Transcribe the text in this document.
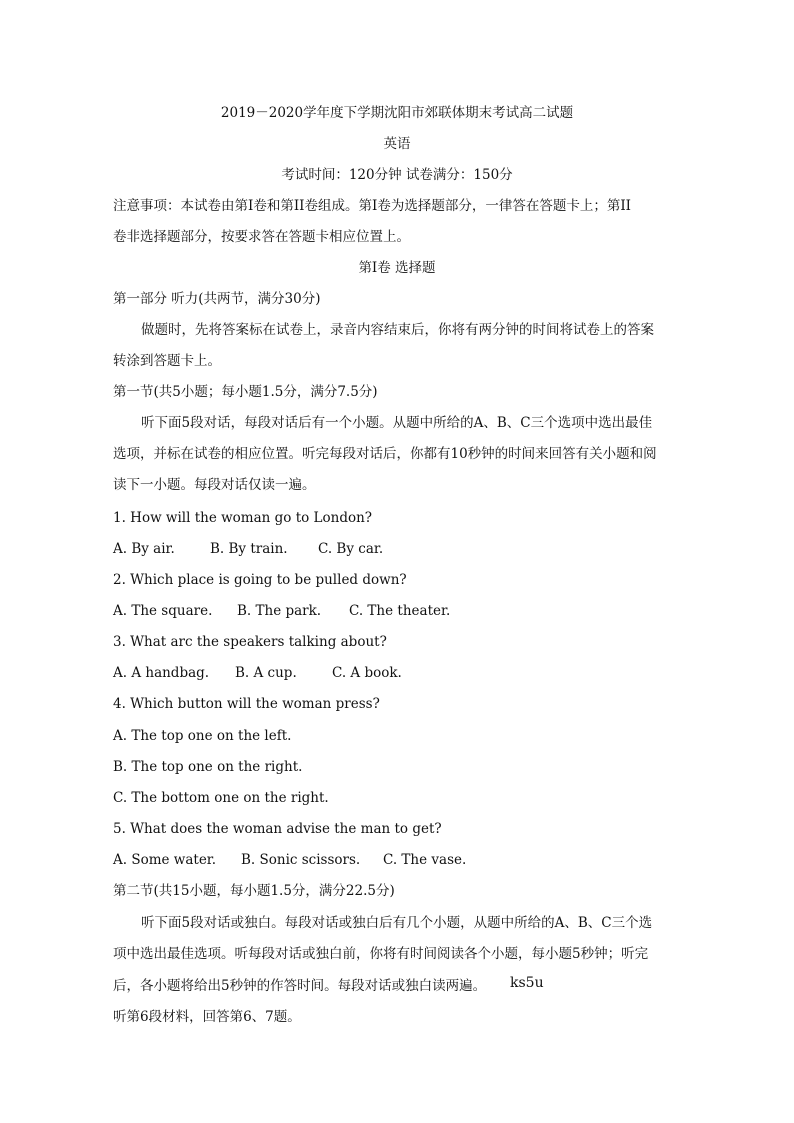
2019－2020学年度下学期沈阳市郊联体期末考试高二试题
英语
考试时间：120分钟 试卷满分：150分
注意事项：本试卷由第I卷和第II卷组成。第I卷为选择题部分，一律答在答题卡上；第II
卷非选择题部分，按要求答在答题卡相应位置上。
第I卷 选择题
第一部分 听力(共两节，满分30分)
做题时，先将答案标在试卷上，录音内容结束后，你将有两分钟的时间将试卷上的答案
转涂到答题卡上。
第一节(共5小题；每小题1.5分，满分7.5分)
听下面5段对话，每段对话后有一个小题。从题中所给的A、B、C三个选项中选出最佳
选项，并标在试卷的相应位置。听完每段对话后，你都有10秒钟的时间来回答有关小题和阅
读下一小题。每段对话仅读一遍。
1. How will the woman go to London?
A. By air.	B. By train. C. By car.
2. Which place is going to be pulled down?
A. The square. B. The park. C. The theater.
3. What arc the speakers talking about?
A. A handbag. B. A cup.	C. A book.
4. Which button will the woman press?
A. The top one on the left.
B. The top one on the right.
C. The bottom one on the right.
5. What does the woman advise the man to get?
A. Some water. B. Sonic scissors. C. The vase.
第二节(共15小题，每小题1.5分，满分22.5分)
听下面5段对话或独白。每段对话或独白后有几个小题，从题中所给的A、B、C三个选
项中选出最佳选项。听每段对话或独白前，你将有时间阅读各个小题，每小题5秒钟；听完
后，各小题将给出5秒钟的作答时间。每段对话或独白读两遍。	ks5u
听第6段材料，回答第6、7题。
